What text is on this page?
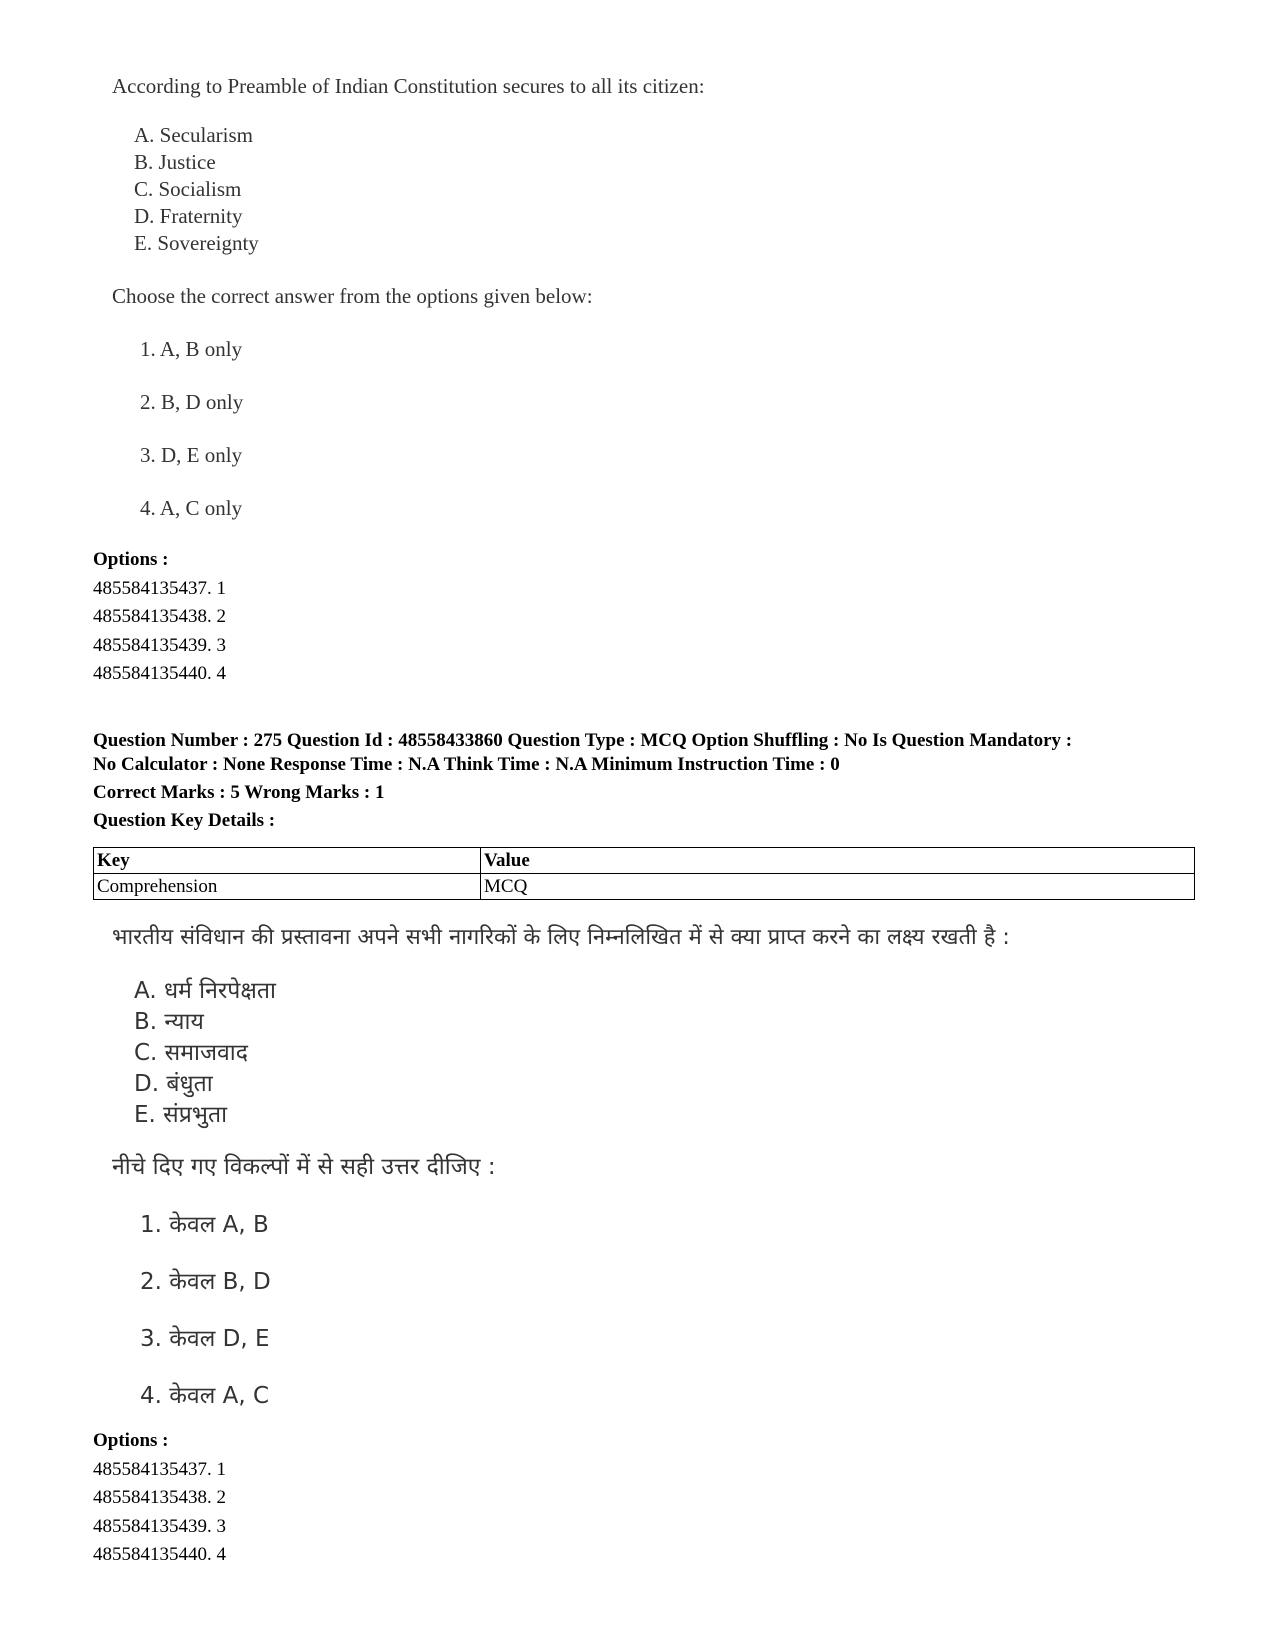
According to Preamble of Indian Constitution secures to all its citizen:
A. Secularism
B. Justice
C. Socialism
D. Fraternity
E. Sovereignty
Choose the correct answer from the options given below:
1. A, B only
2. B, D only
3. D, E only
4. A, C only
Options :
485584135437. 1
485584135438. 2
485584135439. 3
485584135440. 4
Question Number : 275 Question Id : 48558433860 Question Type : MCQ Option Shuffling : No Is Question Mandatory :
No Calculator : None Response Time : N.A Think Time : N.A Minimum Instruction Time : 0
Correct Marks : 5 Wrong Marks : 1
Question Key Details :
Key	Value
Comprehension	MCQ
भारतीय संविधान की प्रस्तावना अपने सभी नागरिकों के लिए निम्नलिखित में से क्या प्राप्त करने का लक्ष्य रखती है :
A. धर्म निरपेक्षता
B. न्याय
C. समाजवाद
D. बंधुता
E. संप्रभुता
नीचे दिए गए विकल्पों में से सही उत्तर दीजिए :
1. केवल A, B
2. केवल B, D
3. केवल D, E
4. केवल A, C
Options :
485584135437. 1
485584135438. 2
485584135439. 3
485584135440. 4
